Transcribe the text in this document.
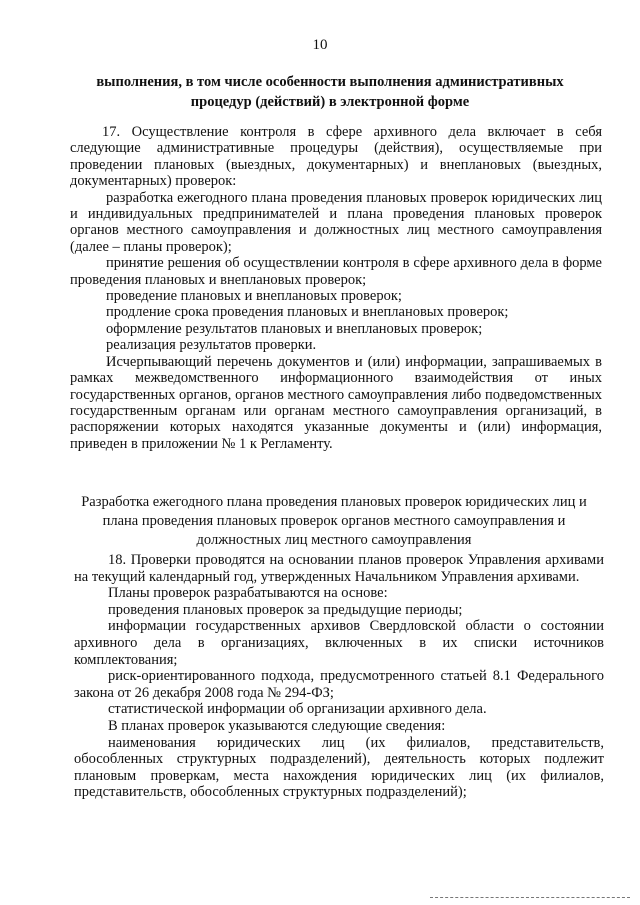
10
выполнения, в том числе особенности выполнения административных
процедур (действий) в электронной форме

17. Осуществление контроля в сфере архивного дела включает в себя следующие административные процедуры (действия), осуществляемые при проведении плановых (выездных, документарных) и внеплановых (выездных, документарных) проверок:

разработка ежегодного плана проведения плановых проверок юридических лиц и индивидуальных предпринимателей и плана проведения плановых проверок органов местного самоуправления и должностных лиц местного самоуправления (далее – планы проверок);

принятие решения об осуществлении контроля в сфере архивного дела в форме проведения плановых и внеплановых проверок;

проведение плановых и внеплановых проверок;

продление срока проведения плановых и внеплановых проверок;

оформление результатов плановых и внеплановых проверок;

реализация результатов проверки.

Исчерпывающий перечень документов и (или) информации, запрашиваемых в рамках межведомственного информационного взаимодействия от иных государственных органов, органов местного самоуправления либо подведомственных государственным органам или органам местного самоуправления организаций, в распоряжении которых находятся указанные документы и (или) информация, приведен в приложении № 1 к Регламенту.

Разработка ежегодного плана проведения плановых проверок юридических лиц и
плана проведения плановых проверок органов местного самоуправления и
должностных лиц местного самоуправления

18. Проверки проводятся на основании планов проверок Управления архивами на текущий календарный год, утвержденных Начальником Управления архивами.

Планы проверок разрабатываются на основе:

проведения плановых проверок за предыдущие периоды;

информации государственных архивов Свердловской области о состоянии архивного дела в организациях, включенных в их списки источников комплектования;

риск-ориентированного подхода, предусмотренного статьей 8.1 Федерального закона от 26 декабря 2008 года № 294-ФЗ;

статистической информации об организации архивного дела.

В планах проверок указываются следующие сведения:

наименования юридических лиц (их филиалов, представительств, обособленных структурных подразделений), деятельность которых подлежит плановым проверкам, места нахождения юридических лиц (их филиалов, представительств, обособленных структурных подразделений);
